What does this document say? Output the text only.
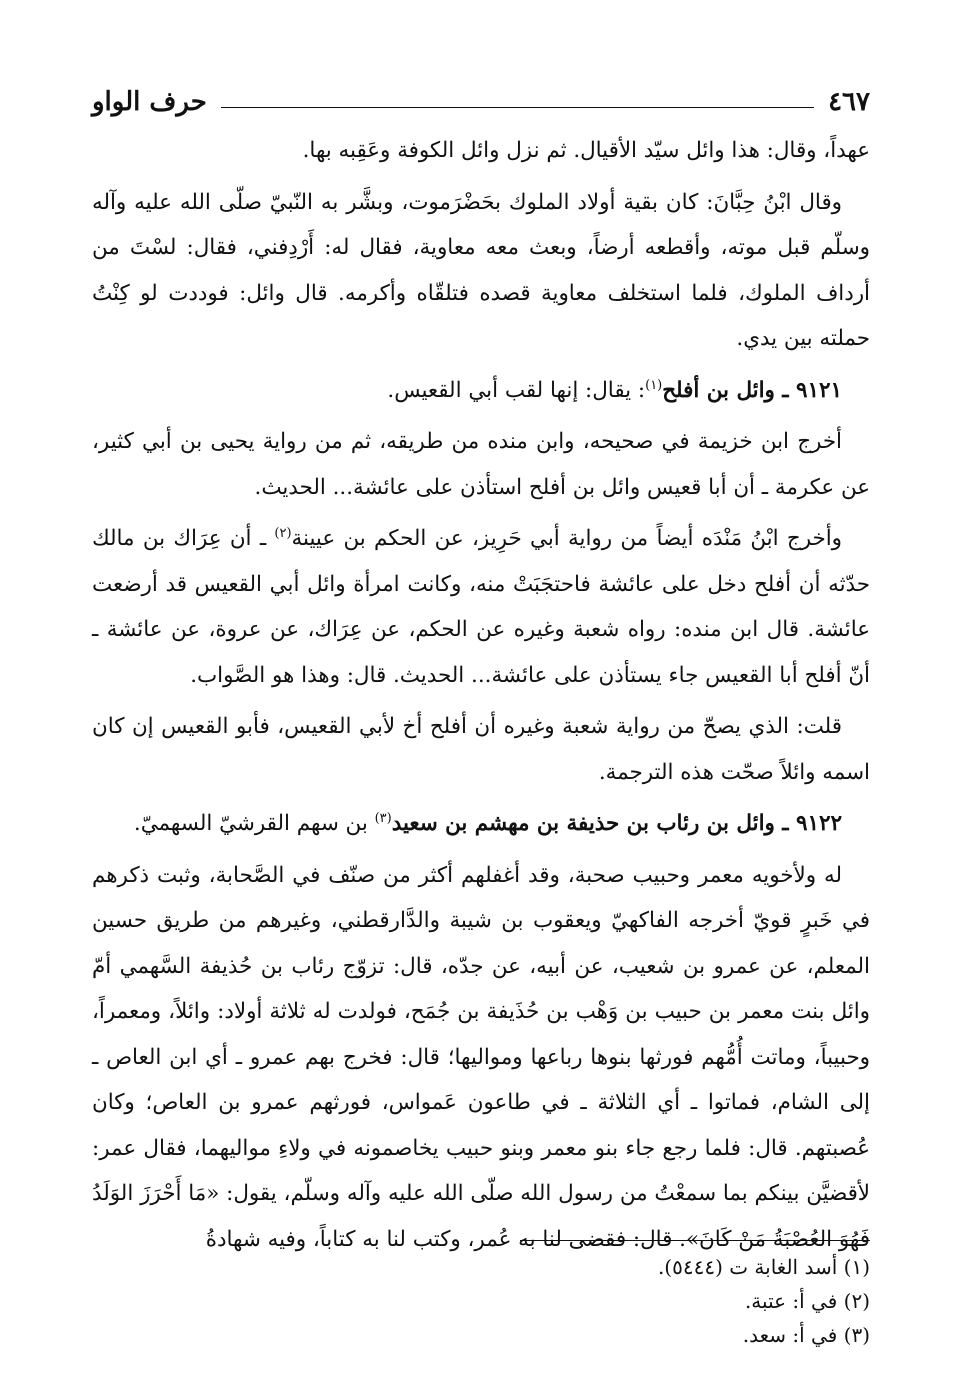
حرف الواو	٤٦٧

عهداً، وقال: هذا وائل سيّد الأقيال. ثم نزل وائل الكوفة وعَقِبه بها.

وقال ابْنُ حِبَّانَ: كان بقية أولاد الملوك بحَضْرَموت، وبشَّر به النّبيّ صلّى الله عليه وآله وسلّم قبل موته، وأقطعه أرضاً، وبعث معه معاوية، فقال له: أَرْدِفني، فقال: لسْتَ من أرداف الملوك، فلما استخلف معاوية قصده فتلقّاه وأكرمه. قال وائل: فوددت لو كِنْتُ حملته بين يدي.

٩١٢١ ـ وائل بن أفلح$^{(١)}$: يقال: إنها لقب أبي القعيس.

أخرج ابن خزيمة في صحيحه، وابن منده من طريقه، ثم من رواية يحيى بن أبي كثير، عن عكرمة ـ أن أبا قعيس وائل بن أفلح استأذن على عائشة... الحديث.

وأخرج ابْنُ مَنْدَه أيضاً من رواية أبي حَرِيز، عن الحكم بن عيينة$^{(٢)}$ ـ أن عِرَاك بن مالك حدّثه أن أفلح دخل على عائشة فاحتجَبَتْ منه، وكانت امرأة وائل أبي القعيس قد أرضعت عائشة. قال ابن منده: رواه شعبة وغيره عن الحكم، عن عِرَاك، عن عروة، عن عائشة ـ أنّ أفلح أبا القعيس جاء يستأذن على عائشة... الحديث. قال: وهذا هو الصَّواب.

قلت: الذي يصحّ من رواية شعبة وغيره أن أفلح أخ لأبي القعيس، فأبو القعيس إن كان اسمه وائلاً صحّت هذه الترجمة.

٩١٢٢ ـ وائل بن رئاب بن حذيفة بن مهشم بن سعيد$^{(٣)}$ بن سهم القرشيّ السهميّ.

له ولأخويه معمر وحبيب صحبة، وقد أغفلهم أكثر من صنّف في الصَّحابة، وثبت ذكرهم في خَبرٍ قويّ أخرجه الفاكهيّ ويعقوب بن شيبة والدَّارقطني، وغيرهم من طريق حسين المعلم، عن عمرو بن شعيب، عن أبيه، عن جدّه، قال: تزوّج رئاب بن حُذيفة السَّهمي أمّ وائل بنت معمر بن حبيب بن وَهْب بن حُذَيفة بن جُمَح، فولدت له ثلاثة أولاد: وائلاً، ومعمراً، وحبيباً، وماتت أُمُّهم فورثها بنوها رباعها ومواليها؛ قال: فخرج بهم عمرو ـ أي ابن العاص ـ إلى الشام، فماتوا ـ أي الثلاثة ـ في طاعون عَمواس، فورثهم عمرو بن العاص؛ وكان عُصبتهم. قال: فلما رجع جاء بنو معمر وبنو حبيب يخاصمونه في ولاءِ مواليهما، فقال عمر: لأقضيَّن بينكم بما سمعْتُ من رسول الله صلّى الله عليه وآله وسلّم، يقول: «مَا أَحْرَزَ الوَلَدُ فَهُوَ العُصْبَةُ مَنْ كَانَ». قال: فقضى لنا به عُمر، وكتب لنا به كتاباً، وفيه شهادةُ

(١) أسد الغابة ت (٥٤٤٤).
(٢) في أ: عتبة.
(٣) في أ: سعد.
